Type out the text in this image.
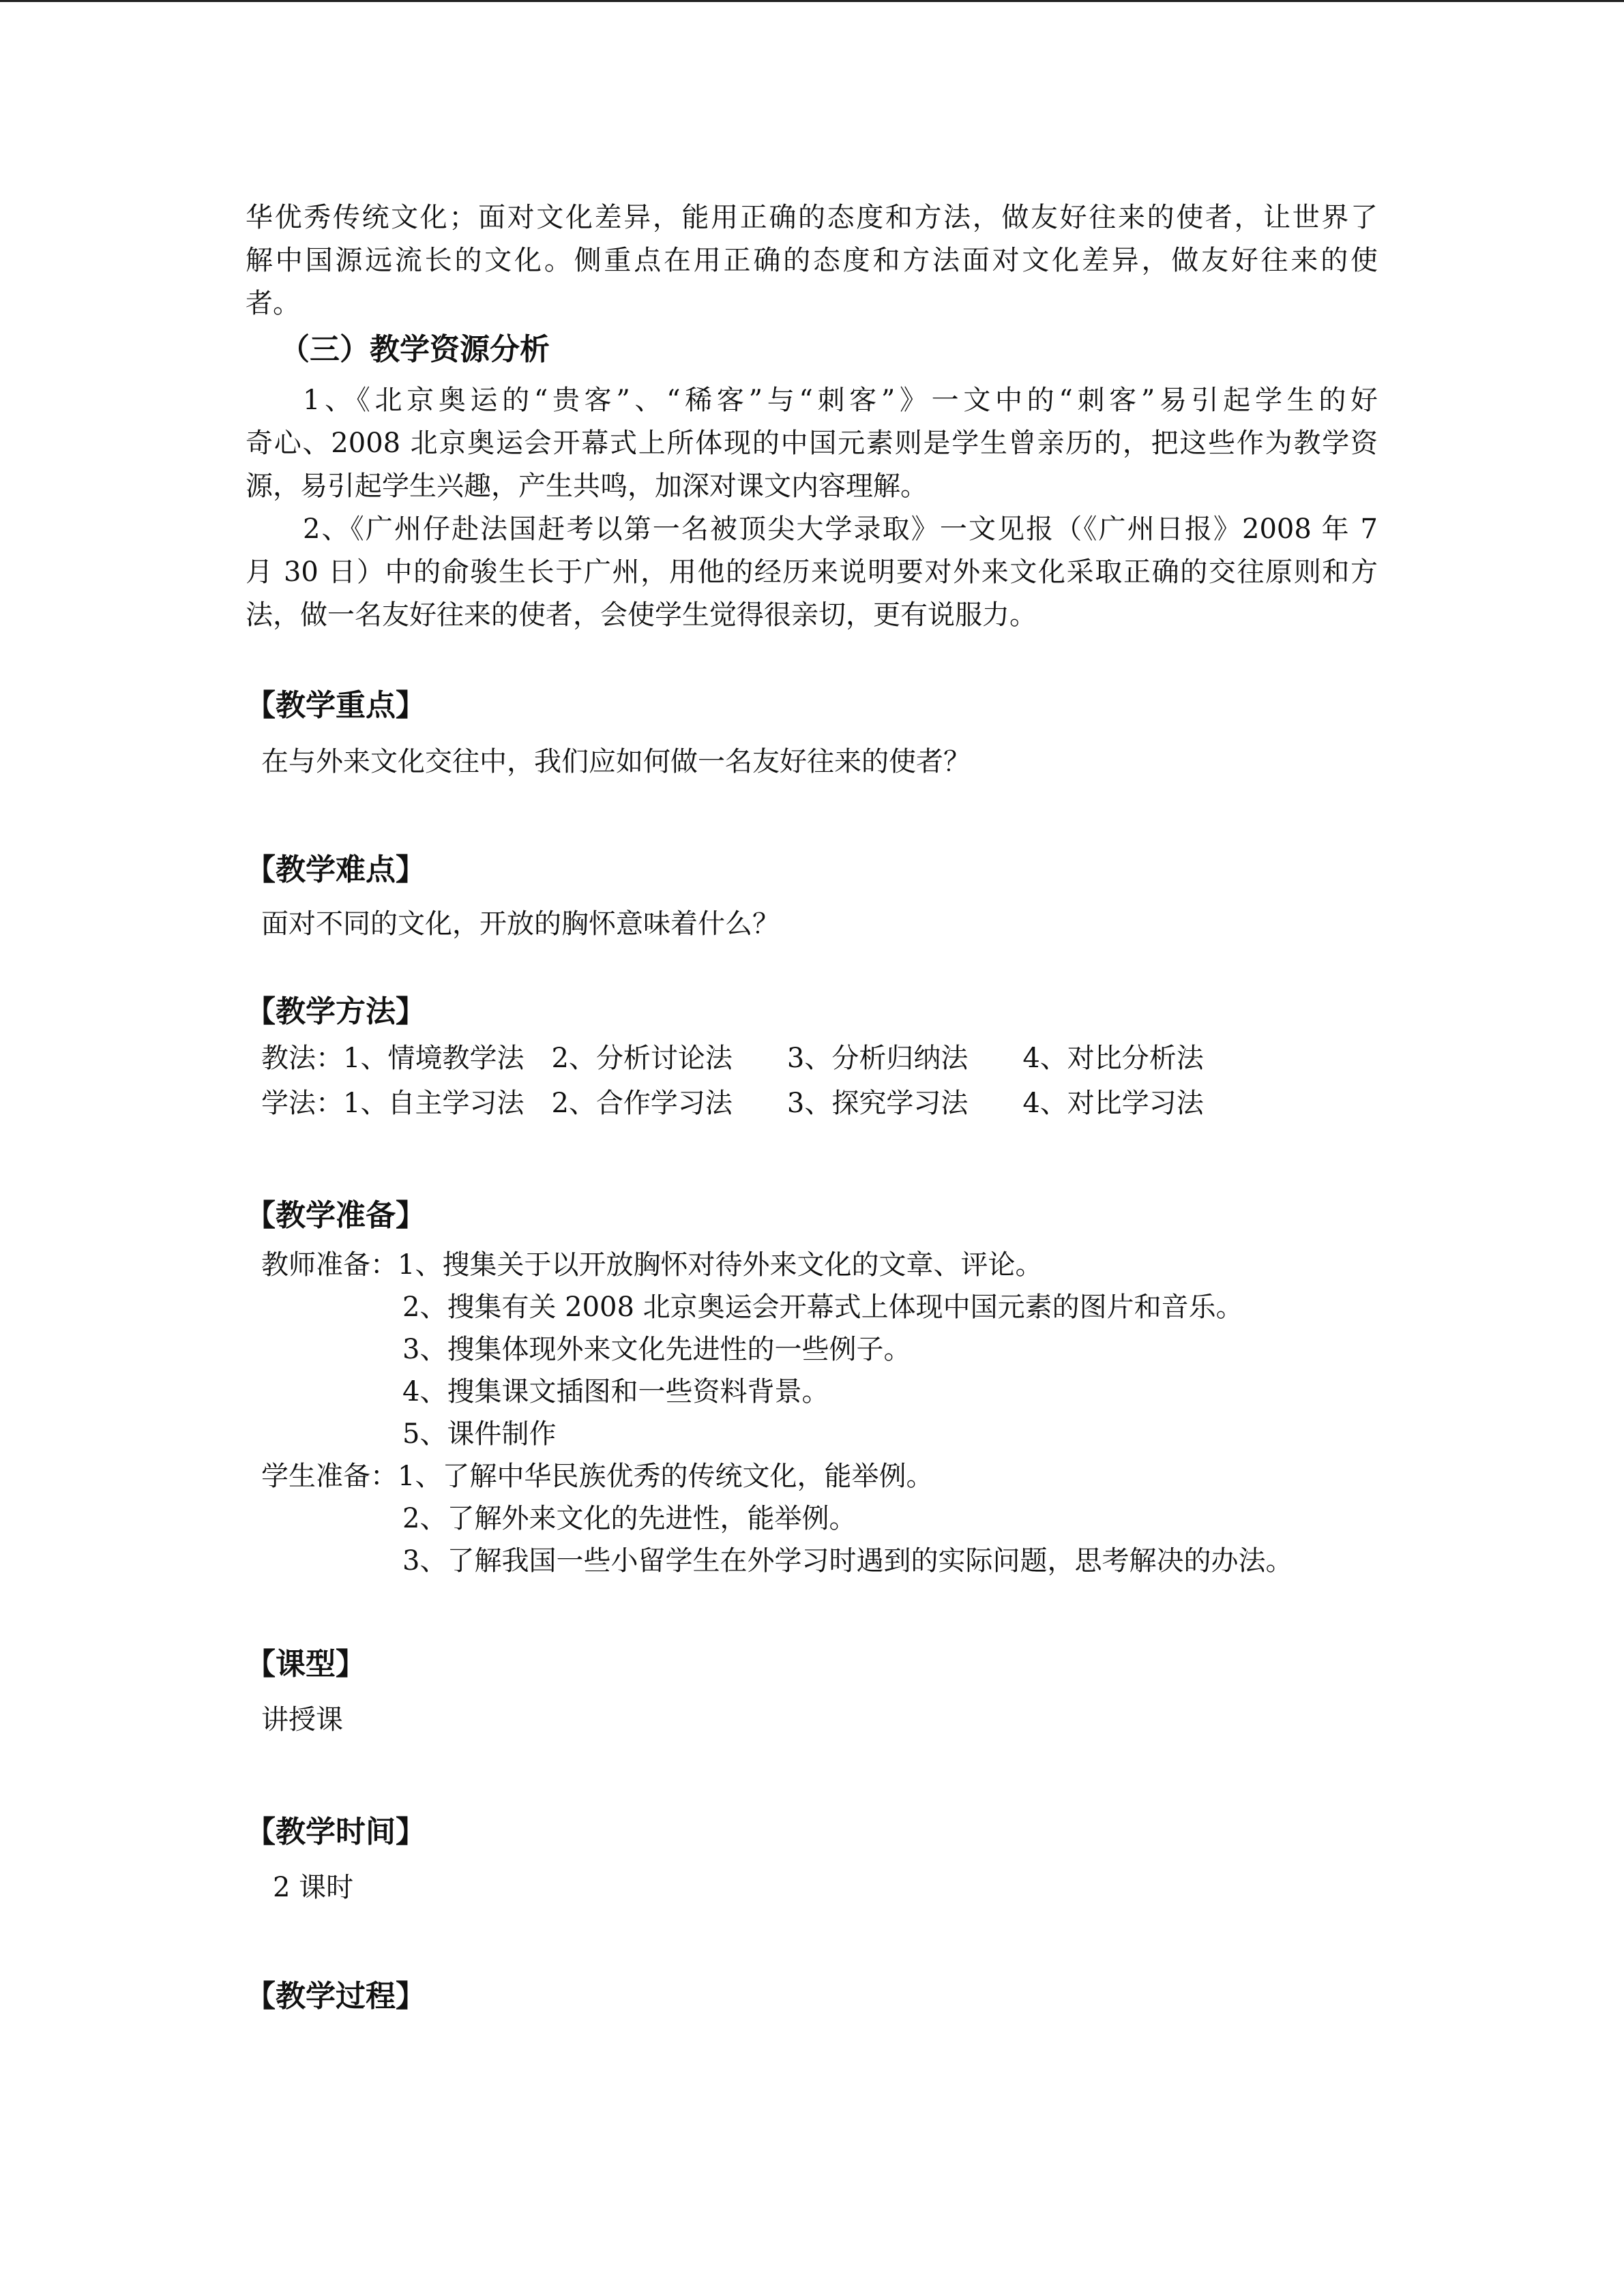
华优秀传统文化；面对文化差异，能用正确的态度和方法，做友好往来的使者，让世界了
解中国源远流长的文化。侧重点在用正确的态度和方法面对文化差异，做友好往来的使
者。
（三）教学资源分析
1、《北京奥运的“贵客”、“稀客”与“刺客”》一文中的“刺客”易引起学生的好
奇心、2008 北京奥运会开幕式上所体现的中国元素则是学生曾亲历的，把这些作为教学资
源，易引起学生兴趣，产生共鸣，加深对课文内容理解。
2、《广州仔赴法国赶考以第一名被顶尖大学录取》一文见报（《广州日报》2008 年 7
月 30 日）中的俞骏生长于广州，用他的经历来说明要对外来文化采取正确的交往原则和方
法，做一名友好往来的使者，会使学生觉得很亲切，更有说服力。
【教学重点】
在与外来文化交往中，我们应如何做一名友好往来的使者？
【教学难点】
面对不同的文化，开放的胸怀意味着什么？
【教学方法】
教法：1、情境教学法　2、分析讨论法　　3、分析归纳法　　4、对比分析法
学法：1、自主学习法　2、合作学习法　　3、探究学习法　　4、对比学习法
【教学准备】
教师准备：1、搜集关于以开放胸怀对待外来文化的文章、评论。
2、搜集有关 2008 北京奥运会开幕式上体现中国元素的图片和音乐。
3、搜集体现外来文化先进性的一些例子。
4、搜集课文插图和一些资料背景。
5、课件制作
学生准备：1、了解中华民族优秀的传统文化，能举例。
2、了解外来文化的先进性，能举例。
3、了解我国一些小留学生在外学习时遇到的实际问题，思考解决的办法。
【课型】
讲授课
【教学时间】
2 课时
【教学过程】
